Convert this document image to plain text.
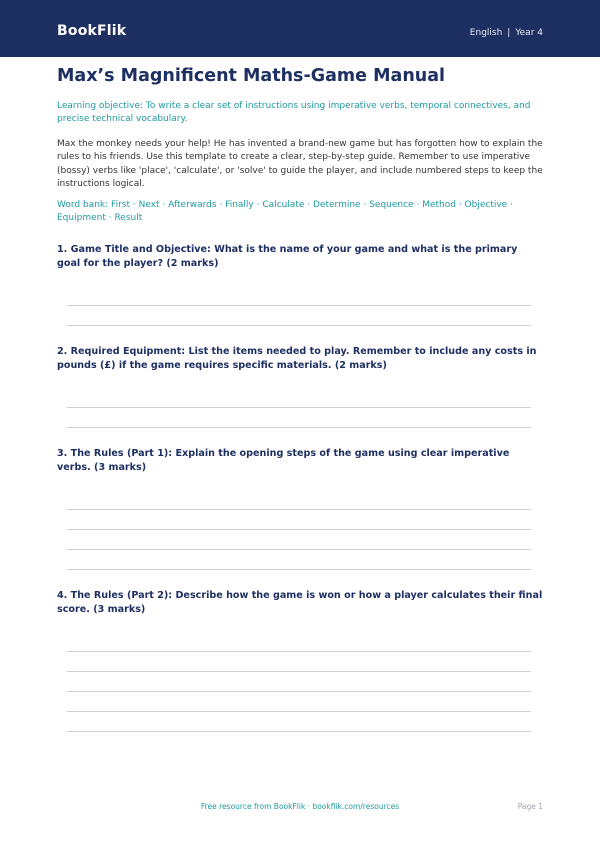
BookFlik	English | Year 4
Max’s Magnificent Maths-Game Manual

Learning objective: To write a clear set of instructions using imperative verbs, temporal connectives, and precise technical vocabulary.

Max the monkey needs your help! He has invented a brand-new game but has forgotten how to explain the rules to his friends. Use this template to create a clear, step-by-step guide. Remember to use imperative (bossy) verbs like 'place', 'calculate', or 'solve' to guide the player, and include numbered steps to keep the instructions logical.

Word bank: First · Next · Afterwards · Finally · Calculate · Determine · Sequence · Method · Objective · Equipment · Result

1. Game Title and Objective: What is the name of your game and what is the primary goal for the player? (2 marks)
2. Required Equipment: List the items needed to play. Remember to include any costs in pounds (£) if the game requires specific materials. (2 marks)
3. The Rules (Part 1): Explain the opening steps of the game using clear imperative verbs. (3 marks)
4. The Rules (Part 2): Describe how the game is won or how a player calculates their final score. (3 marks)
Free resource from BookFlik · bookflik.com/resources	Page 1
